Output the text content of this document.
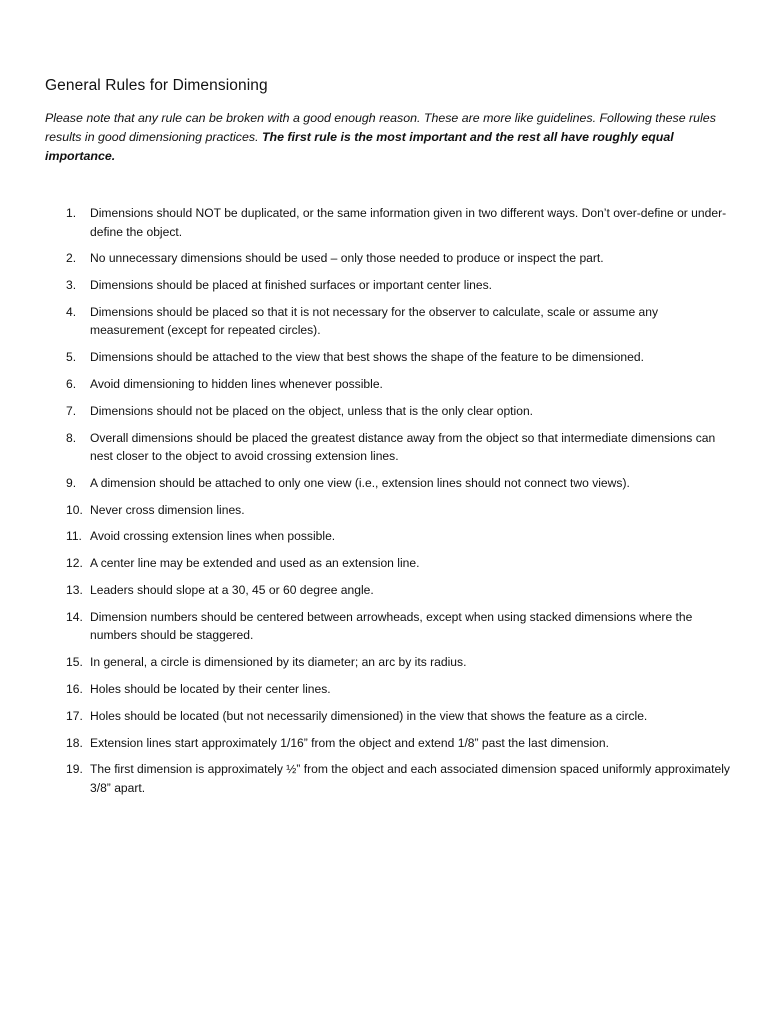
General Rules for Dimensioning

Please note that any rule can be broken with a good enough reason. These are more like guidelines. Following these rules results in good dimensioning practices. The first rule is the most important and the rest all have roughly equal importance.

1.	Dimensions should NOT be duplicated, or the same information given in two different ways. Don’t over-define or under-define the object.
2.	No unnecessary dimensions should be used – only those needed to produce or inspect the part.
3.	Dimensions should be placed at finished surfaces or important center lines.
4.	Dimensions should be placed so that it is not necessary for the observer to calculate, scale or assume any measurement (except for repeated circles).
5.	Dimensions should be attached to the view that best shows the shape of the feature to be dimensioned.
6.	Avoid dimensioning to hidden lines whenever possible.
7.	Dimensions should not be placed on the object, unless that is the only clear option.
8.	Overall dimensions should be placed the greatest distance away from the object so that intermediate dimensions can nest closer to the object to avoid crossing extension lines.
9.	A dimension should be attached to only one view (i.e., extension lines should not connect two views).
10. Never cross dimension lines.
11. Avoid crossing extension lines when possible.
12. A center line may be extended and used as an extension line.
13. Leaders should slope at a 30, 45 or 60 degree angle.
14. Dimension numbers should be centered between arrowheads, except when using stacked dimensions where the numbers should be staggered.
15. In general, a circle is dimensioned by its diameter; an arc by its radius.
16. Holes should be located by their center lines.
17. Holes should be located (but not necessarily dimensioned) in the view that shows the feature as a circle.
18. Extension lines start approximately 1/16” from the object and extend 1/8” past the last dimension.
19. The first dimension is approximately ½” from the object and each associated dimension spaced uniformly approximately 3/8” apart.
